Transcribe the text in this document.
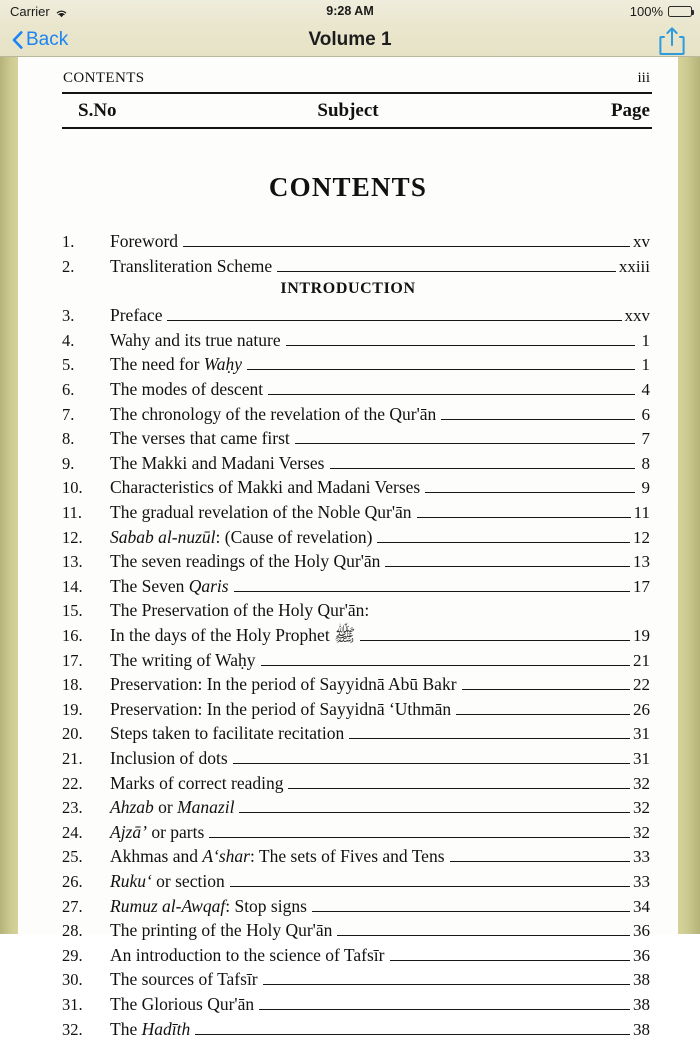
Carrier	9:28 AM	100%
Volume 1
Back
CONTENTS	iii
S.No	Subject	Page
CONTENTS
1.	Foreword	xv
2.	Transliteration Scheme	xxiii
INTRODUCTION
3.	Preface	xxv
4.	Wahy and its true nature	1
5.	The need for Waḥy	1
6.	The modes of descent	4
7.	The chronology of the revelation of the Qur'ān	6
8.	The verses that came first	7
9.	The Makki and Madani Verses	8
10.	Characteristics of Makki and Madani Verses	9
11.	The gradual revelation of the Noble Qur'ān	11
12.	Sabab al-nuzūl: (Cause of revelation)	12
13.	The seven readings of the Holy Qur'ān	13
14.	The Seven Qaris	17
15.	The Preservation of the Holy Qur'ān:
16.	In the days of the Holy Prophet ﷺ	19
17.	The writing of Waḥy	21
18.	Preservation: In the period of Sayyidnā Abū Bakr	22
19.	Preservation: In the period of Sayyidnā ‘Uthmān	26
20.	Steps taken to facilitate recitation	31
21.	Inclusion of dots	31
22.	Marks of correct reading	32
23.	Ahzab or Manazil	32
24.	Ajzā’ or parts	32
25.	Akhmas and A‘shar: The sets of Fives and Tens	33
26.	Ruku‘ or section	33
27.	Rumuz al-Awqaf: Stop signs	34
28.	The printing of the Holy Qur'ān	36
29.	An introduction to the science of Tafsīr	36
30.	The sources of Tafsīr	38
31.	The Glorious Qur'ān	38
32.	The Hadīth	38
